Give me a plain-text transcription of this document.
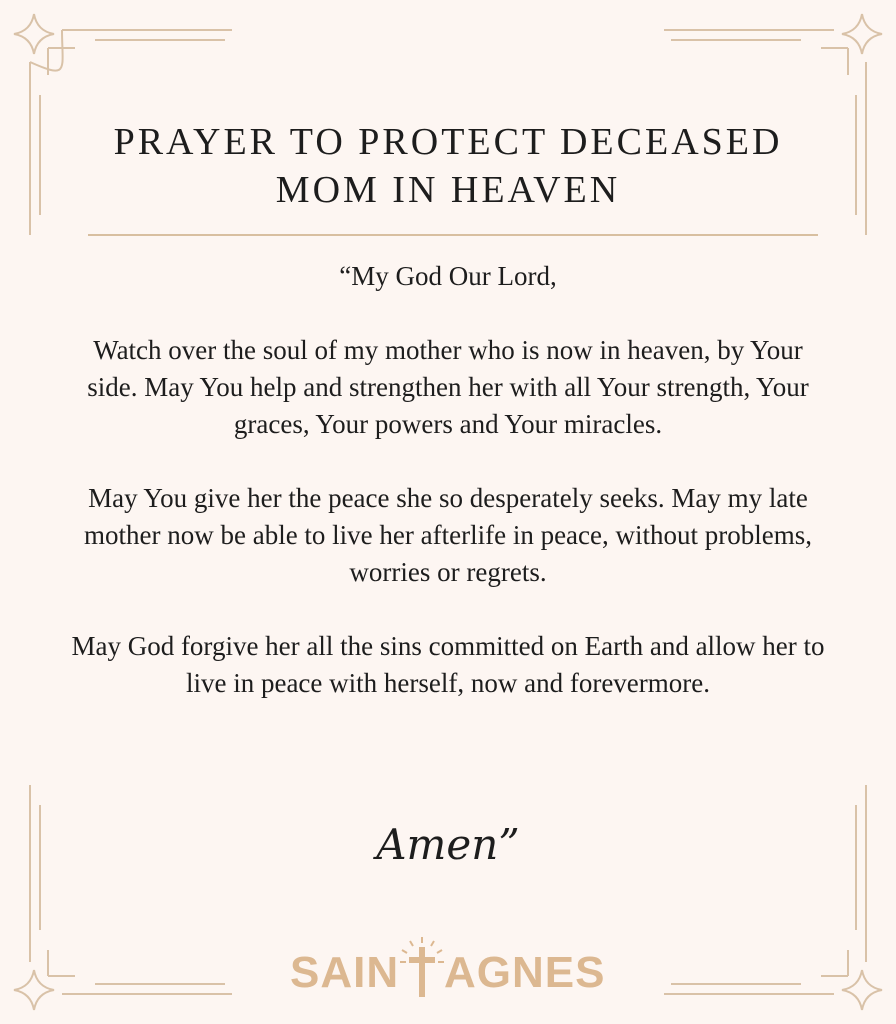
PRAYER TO PROTECT DECEASED
MOM IN HEAVEN

“My God Our Lord,

Watch over the soul of my mother who is now in heaven, by Your side. May You help and strengthen her with all Your strength, Your graces, Your powers and Your miracles.

May You give her the peace she so desperately seeks. May my late mother now be able to live her afterlife in peace, without problems, worries or regrets.

May God forgive her all the sins committed on Earth and allow her to live in peace with herself, now and forevermore.

Amen”
SAIN AGNES
